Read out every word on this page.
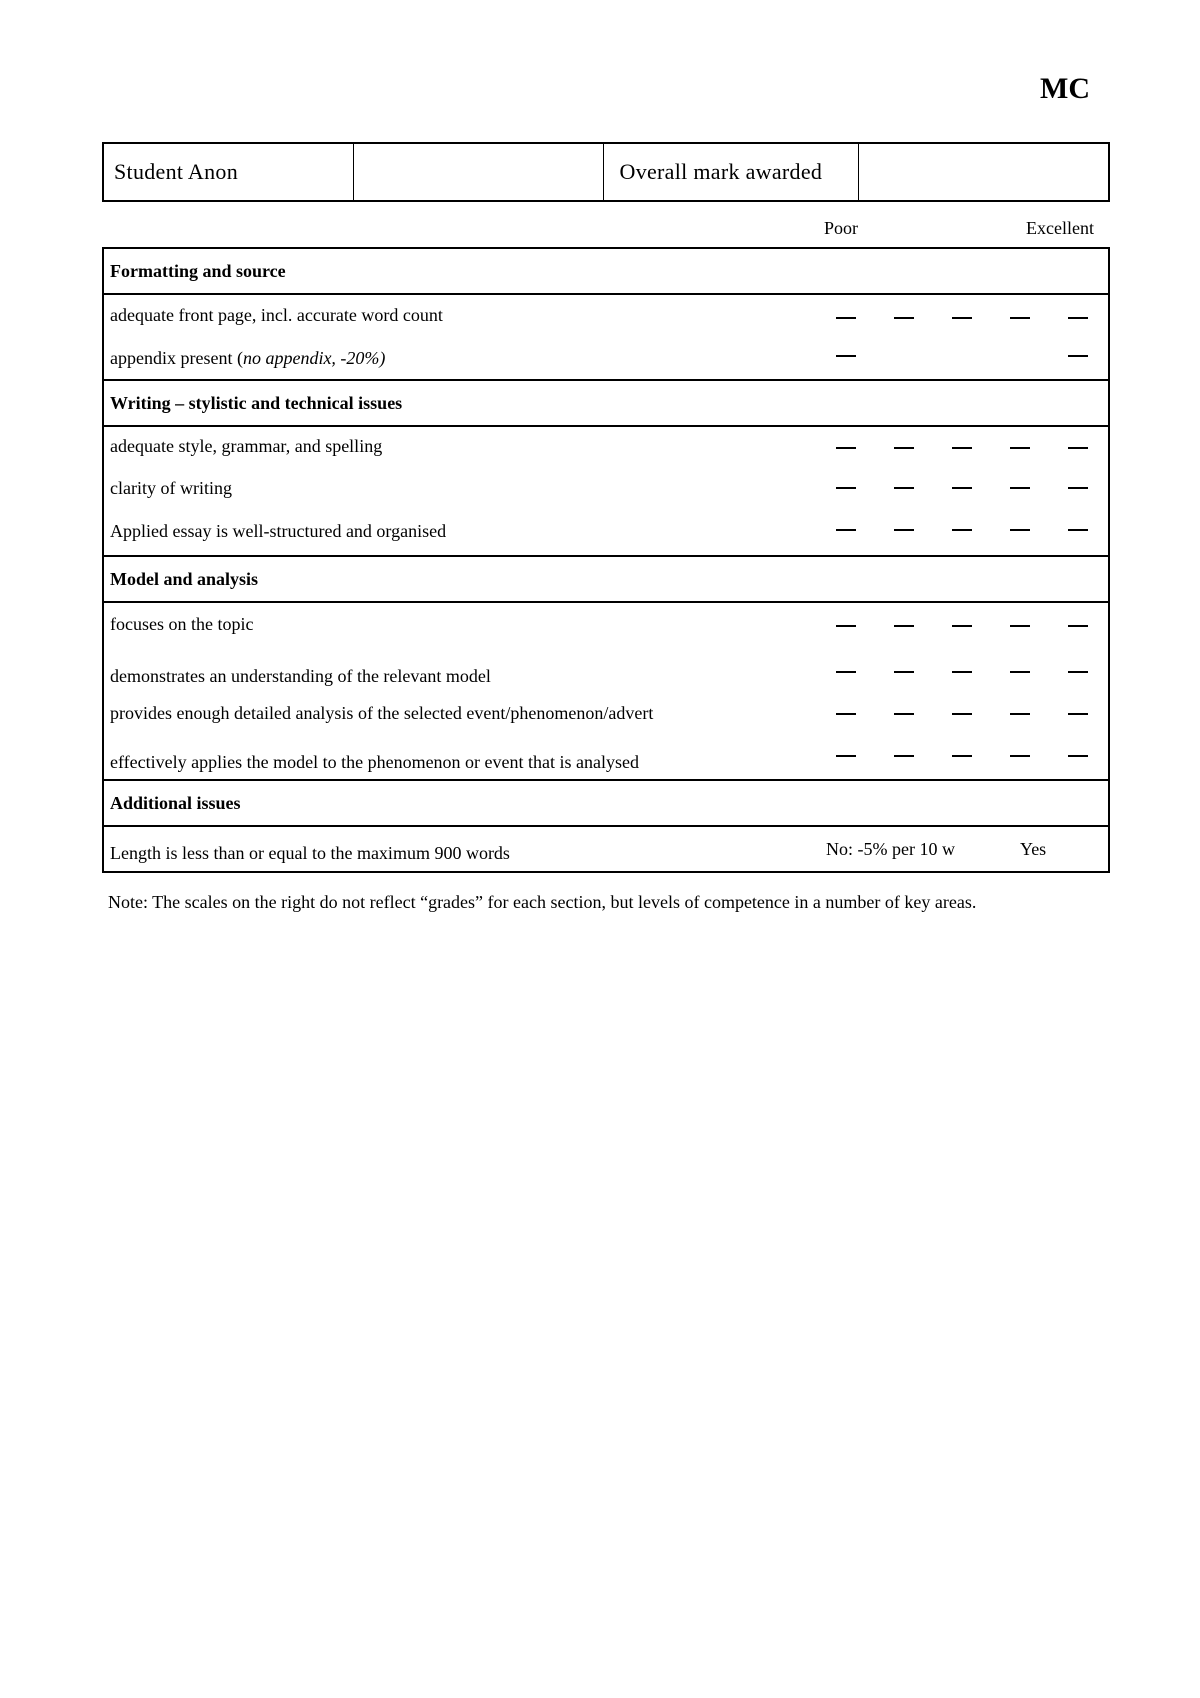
MC
Student Anon	Overall mark awarded
Poor	Excellent
Formatting and source
adequate front page, incl. accurate word count
appendix present (no appendix, -20%)
Writing – stylistic and technical issues
adequate style, grammar, and spelling
clarity of writing
Applied essay is well-structured and organised
Model and analysis
focuses on the topic
demonstrates an understanding of the relevant model
provides enough detailed analysis of the selected event/phenomenon/advert
effectively applies the model to the phenomenon or event that is analysed
Additional issues
Length is less than or equal to the maximum 900 words	No: -5% per 10 w	Yes
Note: The scales on the right do not reflect “grades” for each section, but levels of competence in a number of key areas.
